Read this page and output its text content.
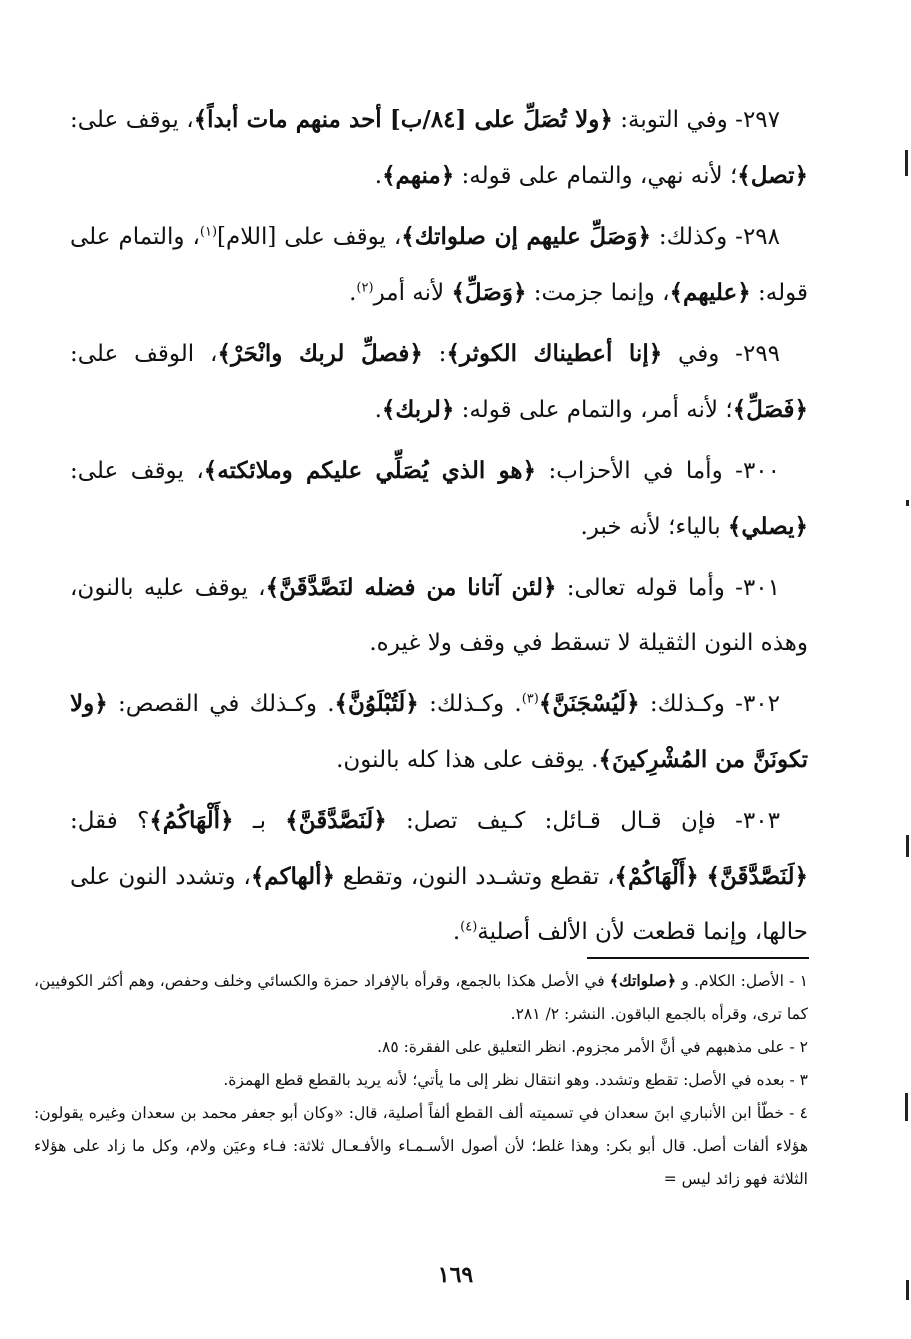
٢٩٧- وفي التوبة: ﴿ولا تُصَلِّ على [٨٤/ب] أحد منهم مات أبداً﴾، يوقف على: ﴿تصل﴾؛ لأنه نهي، والتمام على قوله: ﴿منهم﴾.

٢٩٨- وكذلك: ﴿وَصَلِّ عليهم إن صلواتك﴾، يوقف على [اللام]$^{(١)}$، والتمام على قوله: ﴿عليهم﴾، وإنما جزمت: ﴿وَصَلِّ﴾ لأنه أمر$^{(٢)}$.

٢٩٩- وفي ﴿إنا أعطيناك الكوثر﴾: ﴿فصلِّ لربك وانْحَرْ﴾، الوقف على: ﴿فَصَلِّ﴾؛ لأنه أمر، والتمام على قوله: ﴿لربك﴾.

٣٠٠- وأما في الأحزاب: ﴿هو الذي يُصَلِّي عليكم وملائكته﴾، يوقف على: ﴿يصلي﴾ بالياء؛ لأنه خبر.

٣٠١- وأما قوله تعالى: ﴿لئن آتانا من فضله لنَصَّدَّقَنَّ﴾، يوقف عليه بالنون، وهذه النون الثقيلة لا تسقط في وقف ولا غيره.

٣٠٢- وكـذلك: ﴿لَيُسْجَنَنَّ﴾$^{(٣)}$. وكـذلك: ﴿لَتُبْلَوُنَّ﴾. وكـذلك في القصص: ﴿ولا تكونَنَّ من المُشْرِكينَ﴾. يوقف على هذا كله بالنون.

٣٠٣- فإن قـال قـائل: كـيف تصل: ﴿لَنَصَّدَّقَنَّ﴾ بـ ﴿أَلْهَاكُمُ﴾؟ فقل: ﴿لَنَصَّدَّقَنَّ﴾ ﴿أَلْهَاكُمْ﴾، تقطع وتشـدد النون، وتقطع ﴿ألهاكم﴾، وتشدد النون على حالها، وإنما قطعت لأن الألف أصلية$^{(٤)}$.

١ - الأصل: الكلام. و ﴿صلواتك﴾ في الأصل هكذا بالجمع، وقرأه بالإفراد حمزة والكسائي وخلف وحفص، وهم أكثر الكوفيين، كما ترى، وقرأه بالجمع الباقون. النشر: ٢/ ٢٨١.

٢ - على مذهبهم في أنَّ الأمر مجزوم. انظر التعليق على الفقرة: ٨٥.

٣ - بعده في الأصل: تقطع وتشدد. وهو انتقال نظر إلى ما يأتي؛ لأنه يريد بالقطع قطع الهمزة.

٤ - خطّأ ابن الأنباري ابنَ سعدان في تسميته ألف القطع ألفاً أصلية، قال: «وكان أبو جعفر محمد بن سعدان وغيره يقولون: هؤلاء ألفات أصل. قال أبو بكر: وهذا غلط؛ لأن أصول الأسـمـاء والأفـعـال ثلاثة: فـاء وعيَن ولام، وكل ما زاد على هؤلاء الثلاثة فهو زائد ليس =

١٦٩
